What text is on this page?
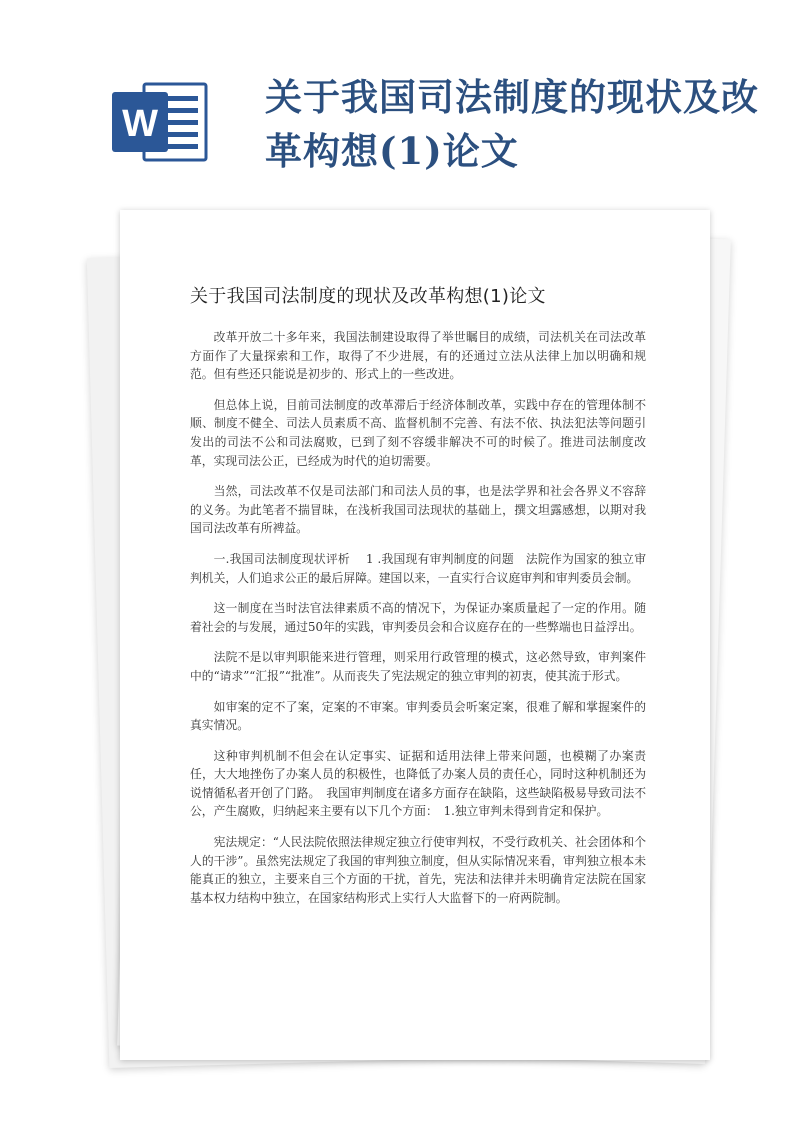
W
关于我国司法制度的现状及改革构想(1)论文
关于我国司法制度的现状及改革构想(1)论文

改革开放二十多年来，我国法制建设取得了举世瞩目的成绩，司法机关在司法改革方面作了大量探索和工作，取得了不少进展，有的还通过立法从法律上加以明确和规范。但有些还只能说是初步的、形式上的一些改进。

但总体上说，目前司法制度的改革滞后于经济体制改革，实践中存在的管理体制不顺、制度不健全、司法人员素质不高、监督机制不完善、有法不依、执法犯法等问题引发出的司法不公和司法腐败，已到了刻不容缓非解决不可的时候了。推进司法制度改革，实现司法公正，已经成为时代的迫切需要。

当然，司法改革不仅是司法部门和司法人员的事，也是法学界和社会各界义不容辞的义务。为此笔者不揣冒昧，在浅析我国司法现状的基础上，撰文坦露感想，以期对我国司法改革有所裨益。

一.我国司法制度现状评析　 1 .我国现有审判制度的问题　法院作为国家的独立审判机关，人们追求公正的最后屏障。建国以来，一直实行合议庭审判和审判委员会制。

这一制度在当时法官法律素质不高的情况下，为保证办案质量起了一定的作用。随着社会的与发展，通过50年的实践，审判委员会和合议庭存在的一些弊端也日益浮出。

法院不是以审判职能来进行管理，则采用行政管理的模式，这必然导致，审判案件中的“请求”“汇报”“批准”。从而丧失了宪法规定的独立审判的初衷，使其流于形式。

如审案的定不了案，定案的不审案。审判委员会听案定案，很难了解和掌握案件的真实情况。

这种审判机制不但会在认定事实、证据和适用法律上带来问题，也模糊了办案责任，大大地挫伤了办案人员的积极性，也降低了办案人员的责任心，同时这种机制还为说情循私者开创了门路。　我国审判制度在诸多方面存在缺陷，这些缺陷极易导致司法不公，产生腐败，归纳起来主要有以下几个方面：　1.独立审判未得到肯定和保护。

宪法规定：“人民法院依照法律规定独立行使审判权，不受行政机关、社会团体和个人的干涉”。虽然宪法规定了我国的审判独立制度，但从实际情况来看，审判独立根本未能真正的独立，主要来自三个方面的干扰，首先，宪法和法律并未明确肯定法院在国家基本权力结构中独立，在国家结构形式上实行人大监督下的一府两院制。
